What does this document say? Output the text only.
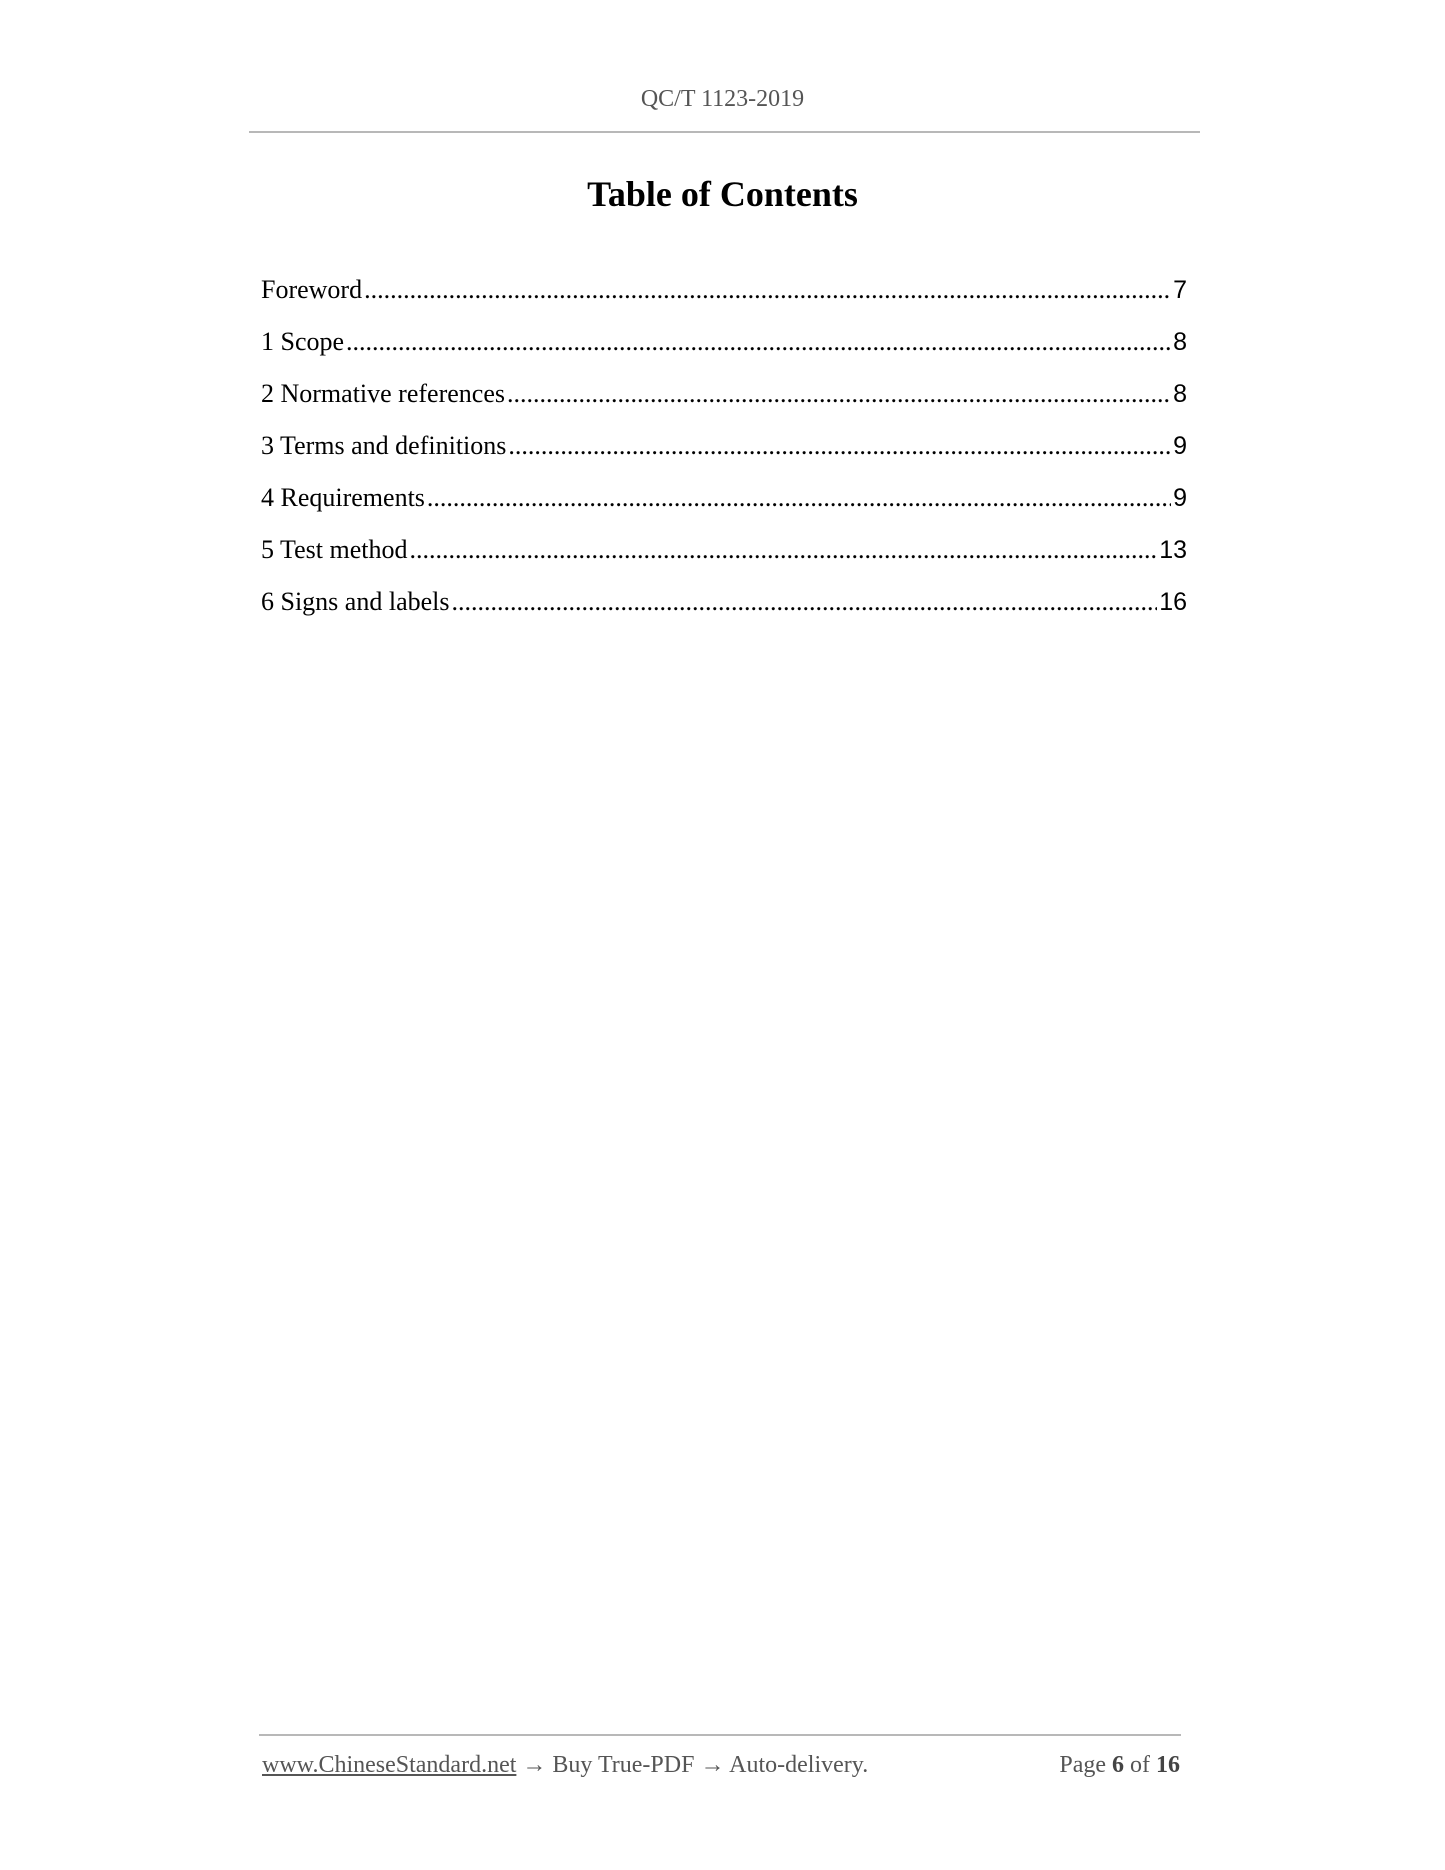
QC/T 1123-2019
Table of Contents
Foreword .....	7
1 Scope .....	8
2 Normative references .....	8
3 Terms and definitions .....	9
4 Requirements .....	9
5 Test method .....	13
6 Signs and labels .....	16
www.ChineseStandard.net → Buy True-PDF → Auto-delivery.	Page 6 of 16
